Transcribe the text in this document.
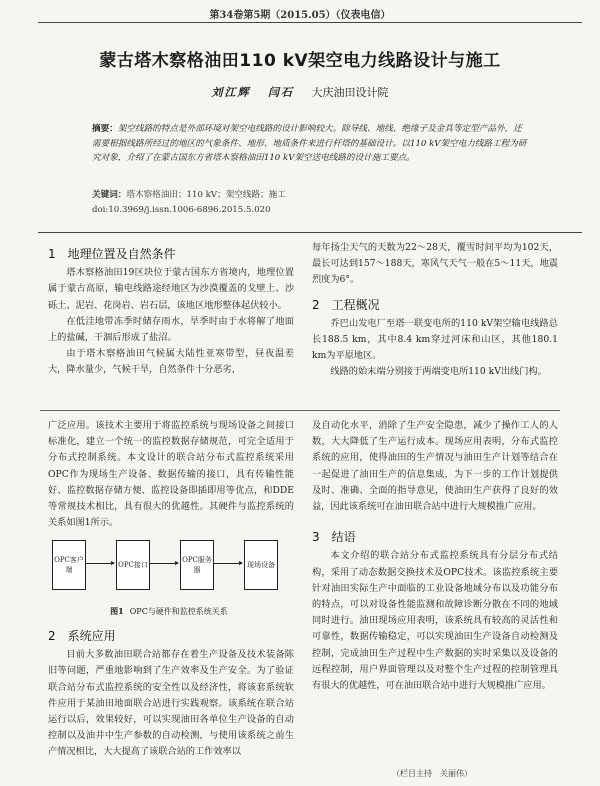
第34卷第5期（2015.05）（仪表电信）
蒙古塔木察格油田110 kV架空电力线路设计与施工
刘江辉 闫石 大庆油田设计院
摘要：架空线路的特点是外部环境对架空电线路的设计影响较大。除导线、地线、绝缘子及金具等定型产品外，还需要根据线路所经过的地区的气象条件、地形、地质条件来进行杆塔的基础设计。以110 kV架空电力线路工程为研究对象，介绍了在蒙古国东方省塔木察格油田110 kV架空送电线路的设计施工要点。
关键词：塔木察格油田；110 kV；架空线路；施工
doi:10.3969/j.issn.1006-6896.2015.5.020
1 地理位置及自然条件

塔木察格油田19区块位于蒙古国东方省境内，地理位置属于蒙古高原，输电线路途经地区为沙漠覆盖的戈壁上、沙砾土、泥岩、花岗岩、岩石层，该地区地形整体起伏较小。

在低洼地带冻季时储存雨水，旱季时由于水将解了地面上的盐碱，干涸后形成了盐沼。

由于塔木察格油田气候属大陆性亚寒带型，昼夜温差大，降水量少，气候干旱，自然条件十分恶劣，

每年扬尘天气的天数为22～28天，覆雪时间平均为102天，最长可达到157～188天，寒风气天气一般在5～11天，地震烈度为6°。

2 工程概况

乔巴山发电厂至塔一联变电所的110 kV架空输电线路总长188.5 km，其中8.4 km穿过河床和山区，其他180.1 km为平原地区。

线路的始末端分别接于两端变电所110 kV出线门构。

广泛应用。该技术主要用于将监控系统与现场设备之间接口标准化，建立一个统一的监控数据存储规范，可完全适用于分布式控制系统。本文设计的联合站分布式监控系统采用OPC作为现场生产设备、数据传输的接口，具有传输性能好、监控数据存储方便、监控设备即插即用等优点，和DDE等常规技术相比，具有很大的优越性。其硬件与监控系统的关系如图1所示。

OPC客户端
OPC接口
OPC服务器
现场设备
图1 OPC与硬件和监控系统关系
2 系统应用

目前大多数油田联合站都存在着生产设备及技术装备陈旧等问题，严重地影响到了生产效率及生产安全。为了验证联合站分布式监控系统的安全性以及经济性，将该套系统软件应用于某油田地面联合站进行实践观察。该系统在联合站运行以后，效果较好，可以实现油田各单位生产设备的自动控制以及油井中生产参数的自动检测，与使用该系统之前生产情况相比，大大提高了该联合站的工作效率以

及自动化水平，消除了生产安全隐患，减少了操作工人的人数，大大降低了生产运行成本。现场应用表明，分布式监控系统的应用，使得油田的生产情况与油田生产计划等结合在一起促进了油田生产的信息集成，为下一步的工作计划提供及时、准确、全面的指导意见，使油田生产获得了良好的效益，因此该系统可在油田联合站中进行大规模推广应用。

3 结语

本文介绍的联合站分布式监控系统具有分层分布式结构，采用了动态数据交换技术及OPC技术。该监控系统主要针对油田实际生产中面临的工业设备地域分布以及功能分布的特点，可以对设备性能监测和故障诊断分散在不同的地域同时进行。油田现场应用表明，该系统具有较高的灵活性和可靠性，数据传输稳定，可以实现油田生产设备自动检测及控制，完成油田生产过程中生产数据的实时采集以及设备的远程控制，用户界面管理以及对整个生产过程的控制管理具有很大的优越性，可在油田联合站中进行大规模推广应用。

（栏目主持　关丽伟）
